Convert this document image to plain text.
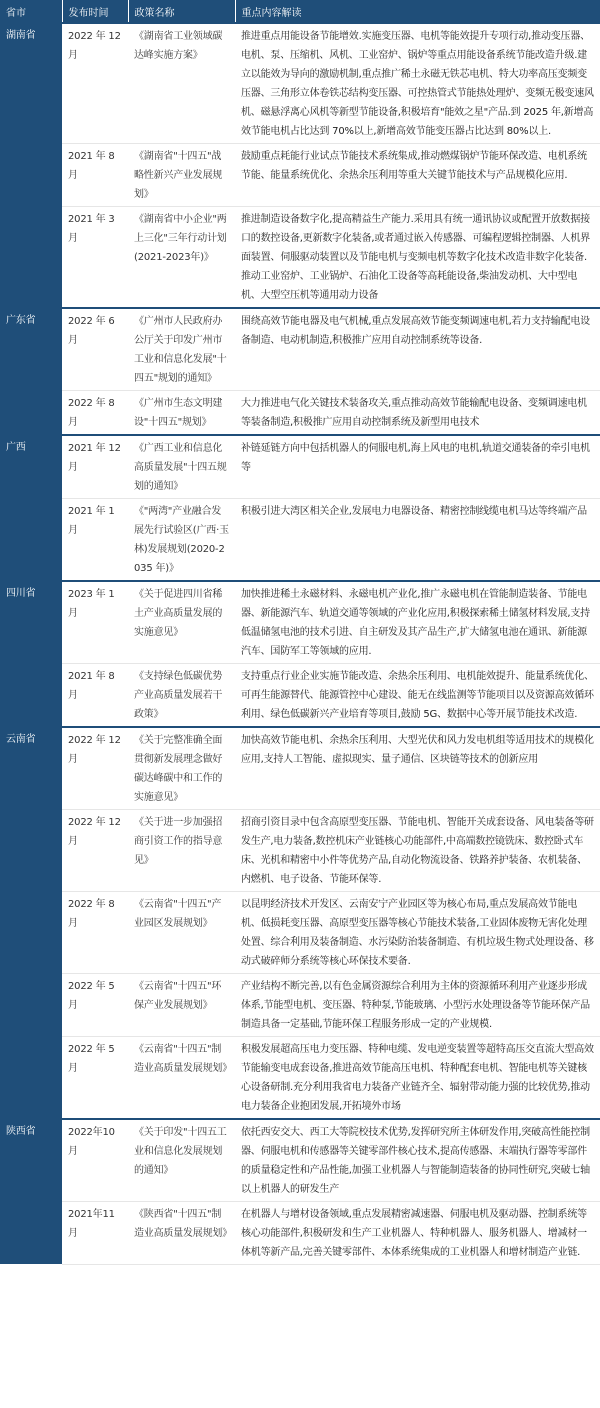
省市	发布时间	政策名称	重点内容解读
湖南省	2022 年 12 月	《湖南省工业领域碳达峰实施方案》	推进重点用能设备节能增效.实施变压器、电机等能效提升专项行动,推动变压器、电机、泵、压缩机、风机、工业窑炉、锅炉等重点用能设备系统节能改造升级.建立以能效为导向的激励机制,重点推广稀土永磁无铁芯电机、特大功率高压变频变压器、三角形立体卷铁芯结构变压器、可控热管式节能热处理炉、变频无极变速风机、磁悬浮离心风机等新型节能设备,积极培育"能效之星"产品.到 2025 年,新增高效节能电机占比达到 70%以上,新增高效节能变压器占比达到 80%以上.
	2021 年 8 月	《湖南省"十四五"战略性新兴产业发展规划》	鼓励重点耗能行业试点节能技术系统集成,推动燃煤锅炉节能环保改造、电机系统节能、能量系统优化、余热余压利用等重大关键节能技术与产品规模化应用.
	2021 年 3 月	《湖南省中小企业"两上三化"三年行动计划(2021-2023年)》	推进制造设备数字化,提高精益生产能力.采用具有统一通讯协议或配置开放数据接口的数控设备,更新数字化装备,或者通过嵌入传感器、可编程逻辑控制器、人机界面装置、伺服驱动装置以及节能电机与变频电机等数字化技术改造非数字化装备.推动工业窑炉、工业锅炉、石油化工设备等高耗能设备,柴油发动机、大中型电机、大型空压机等通用动力设备
广东省	2022 年 6 月	《广州市人民政府办公厅关于印发广州市工业和信息化发展"十四五"规划的通知》	围绕高效节能电器及电气机械,重点发展高效节能变频调速电机,若力支持输配电设备制造、电动机制造,积极推广应用自动控制系统等设备.
	2022 年 8 月	《广州市生态文明建设"十四五"规划》	大力推进电气化关键技术装备攻关,重点推动高效节能输配电设备、变频调速电机等装备制造,积极推广应用自动控制系统及新型用电技术
广西	2021 年 12 月	《广西工业和信息化高质量发展"十四五规划的通知》	补链延链方向中包括机器人的伺服电机,海上风电的电机,轨道交通装备的牵引电机等
	2021 年 1 月	《"两湾"产业融合发展先行试验区(广西·玉林)发展规划(2020-2035 年)》	积极引进大湾区相关企业,发展电力电器设备、精密控制线缆电机马达等终端产品
四川省	2023 年 1 月	《关于促进四川省稀土产业高质量发展的实施意见》	加快推进稀土永磁材料、永磁电机产业化,推广永磁电机在管能制造装备、节能电器、新能源汽车、轨道交通等领域的产业化应用,积极探索稀土储氢材料发展,支持低温储氢电池的技术引进、自主研发及其产品生产,扩大储氢电池在通讯、新能源汽车、国防军工等领域的应用.
	2021 年 8 月	《支持绿色低碳优势产业高质量发展若干政策》	支持重点行业企业实施节能改造、余热余压利用、电机能效提升、能量系统优化、可再生能源替代、能源管控中心建设、能无在线监测等节能项目以及资源高效循环利用、绿色低碳新兴产业培育等项目,鼓励 5G、数据中心等开展节能技术改造.
云南省	2022 年 12 月	《关于完整准确全面贯彻新发展理念做好碳达峰碳中和工作的实施意见》	加快高效节能电机、余热余压利用、大型光伏和风力发电机组等适用技术的规模化应用,支持人工智能、虚拟现实、量子通信、区块链等技术的创新应用
	2022 年 12 月	《关于进一步加强招商引资工作的指导意见》	招商引资目录中包含高原型变压器、节能电机、智能开关成套设备、风电装备等研发生产,电力装备,数控机床产业链核心功能部件,中高端数控镜铣床、数控卧式车床、光机和精密中小件等优势产品,自动化物流设备、铁路养护装备、农机装备、内燃机、电子设备、节能环保等.
	2022 年 8 月	《云南省"十四五"产业园区发展规划》	以昆明经济技术开发区、云南安宁产业园区等为核心布局,重点发展高效节能电机、低损耗变压器、高原型变压器等核心节能技术装备,工业固体废物无害化处理处置、综合利用及装备制造、水污染防治装备制造、有机垃圾生物式处理设备、移动式破碎师分系统等核心环保技术要备.
	2022 年 5 月	《云南省"十四五"环保产业发展规划》	产业结构不断完善,以有色金属资源综合利用为主体的资源循环利用产业逐步形成体系,节能型电机、变压器、特种泵,节能玻璃、小型污水处理设备等节能环保产品制造具备一定基础,节能环保工程服务形成一定的产业规模.
	2022 年 5 月	《云南省"十四五"制造业高质量发展规划》	积极发展超高压电力变压器、特种电缆、发电逆变装置等超特高压交直流大型高效节能输变电成套设备,推进高效节能高压电机、特种配套电机、智能电机等关键核心设备研制.充分利用我省电力装备产业链齐全、辐射带动能力强的比较优势,推动电力装备企业抱团发展,开拓境外市场
陕西省	2022年10月	《关于印发"十四五工业和信息化发展规划的通知》	依托西安交大、西工大等院校技术优势,发挥研究所主体研发作用,突破高性能控制器、伺服电机和传感器等关键零部件核心技术,提高传感器、末端执行器等零部件的质量稳定性和产品性能,加强工业机器人与智能制造装备的协同性研究,突破七轴以上机器人的研发生产
	2021年11月	《陕西省"十四五"制造业高质量发展规划》	在机器人与增材设备领域,重点发展精密减速器、伺服电机及驱动器、控制系统等核心功能部件,积极研发和生产工业机器人、特种机器人、服务机器人、增减材一体机等新产品,完善关键零部件、本体系统集成的工业机器人和增材制造产业链.
